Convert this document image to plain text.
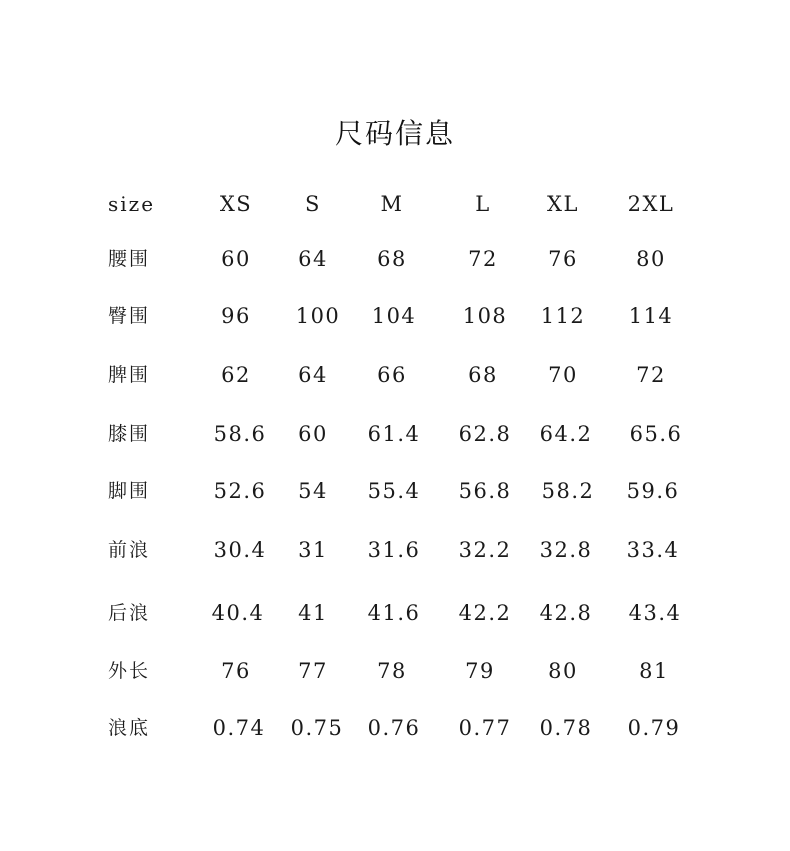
尺码信息
size	XS	S	M	L	XL	2XL
腰围	60	64	68	72	76	80
臀围	96	100	104	108	112	114
脾围	62	64	66	68	70	72
膝围	58.6	60	61.4	62.8	64.2	65.6
脚围	52.6	54	55.4	56.8	58.2	59.6
前浪	30.4	31	31.6	32.2	32.8	33.4
后浪	40.4	41	41.6	42.2	42.8	43.4
外长	76	77	78	79	80	81
浪底	0.74	0.75	0.76	0.77	0.78	0.79
